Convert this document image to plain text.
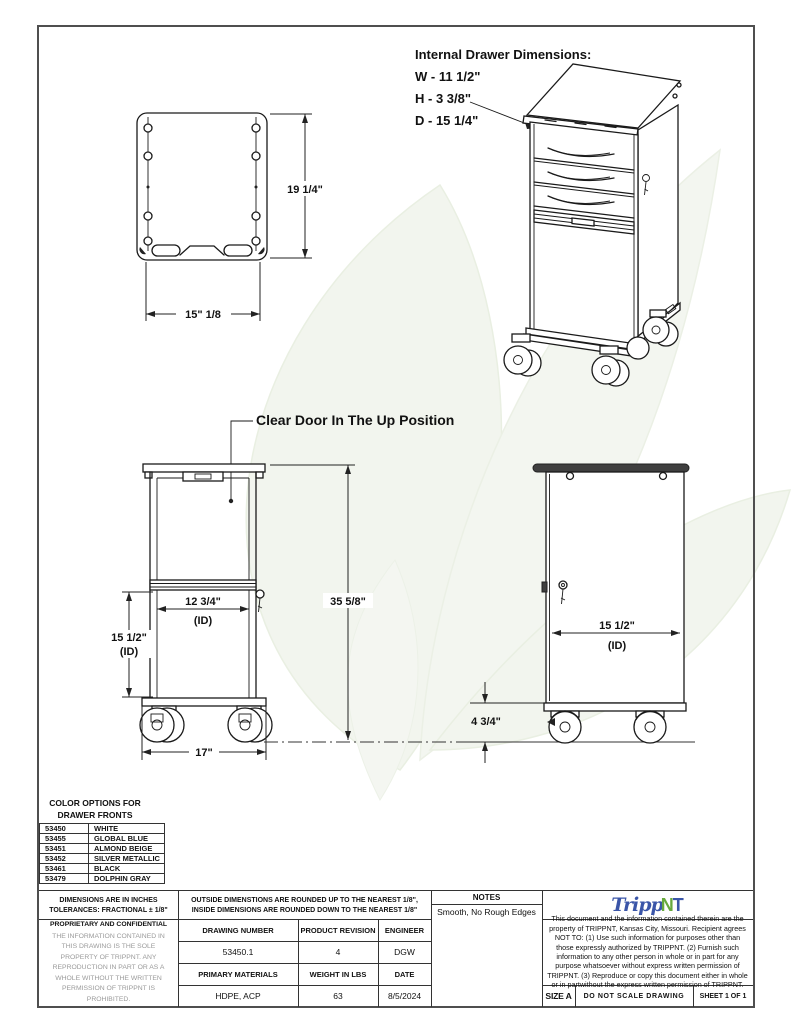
19 1/4"
15" 1/8
Internal Drawer Dimensions:
W - 11 1/2"
H - 3 3/8"
D - 15 1/4"
Clear Door In The Up Position
12 3/4"
(ID)
15 1/2"
(ID)
35 5/8"
17"
15 1/2"
(ID)
4 3/4"
COLOR OPTIONS FOR
DRAWER FRONTS
53450	WHITE
53455	GLOBAL BLUE
53451	ALMOND BEIGE
53452	SILVER METALLIC
53461	BLACK
53479	DOLPHIN GRAY
DIMENSIONS ARE IN INCHES
TOLERANCES: FRACTIONAL ± 1/8"
PROPRIETARY AND CONFIDENTIAL
THE INFORMATION CONTAINED IN THIS DRAWING IS THE SOLE PROPERTY OF TRIPPNT. ANY REPRODUCTION IN PART OR AS A WHOLE WITHOUT THE WRITTEN PERMISSION OF TRIPPNT IS PROHIBITED.
OUTSIDE DIMENSTIONS ARE ROUNDED UP TO THE NEAREST 1/8",
INSIDE DIMENSIONS ARE ROUNDED DOWN TO THE NEAREST 1/8"
DRAWING NUMBER	PRODUCT REVISION	ENGINEER
53450.1	4	DGW
PRIMARY MATERIALS	WEIGHT IN LBS	DATE
HDPE, ACP	63	8/5/2024
NOTES
Smooth, No Rough Edges	Tripp
N T
This document and the information contained therein are the property of TRIPPNT, Kansas City, Missouri. Recipient agrees NOT TO: (1) Use such information for purposes other than those expressly authorized by TRIPPNT. (2) Furnish such information to any other person in whole or in part for any purpose whatsoever without express written permission of TRIPPNT. (3) Reproduce or copy this document either in whole or in partwithout the express written permission of TRIPPNT.
SIZE A	DO NOT SCALE DRAWING	SHEET 1 OF 1
